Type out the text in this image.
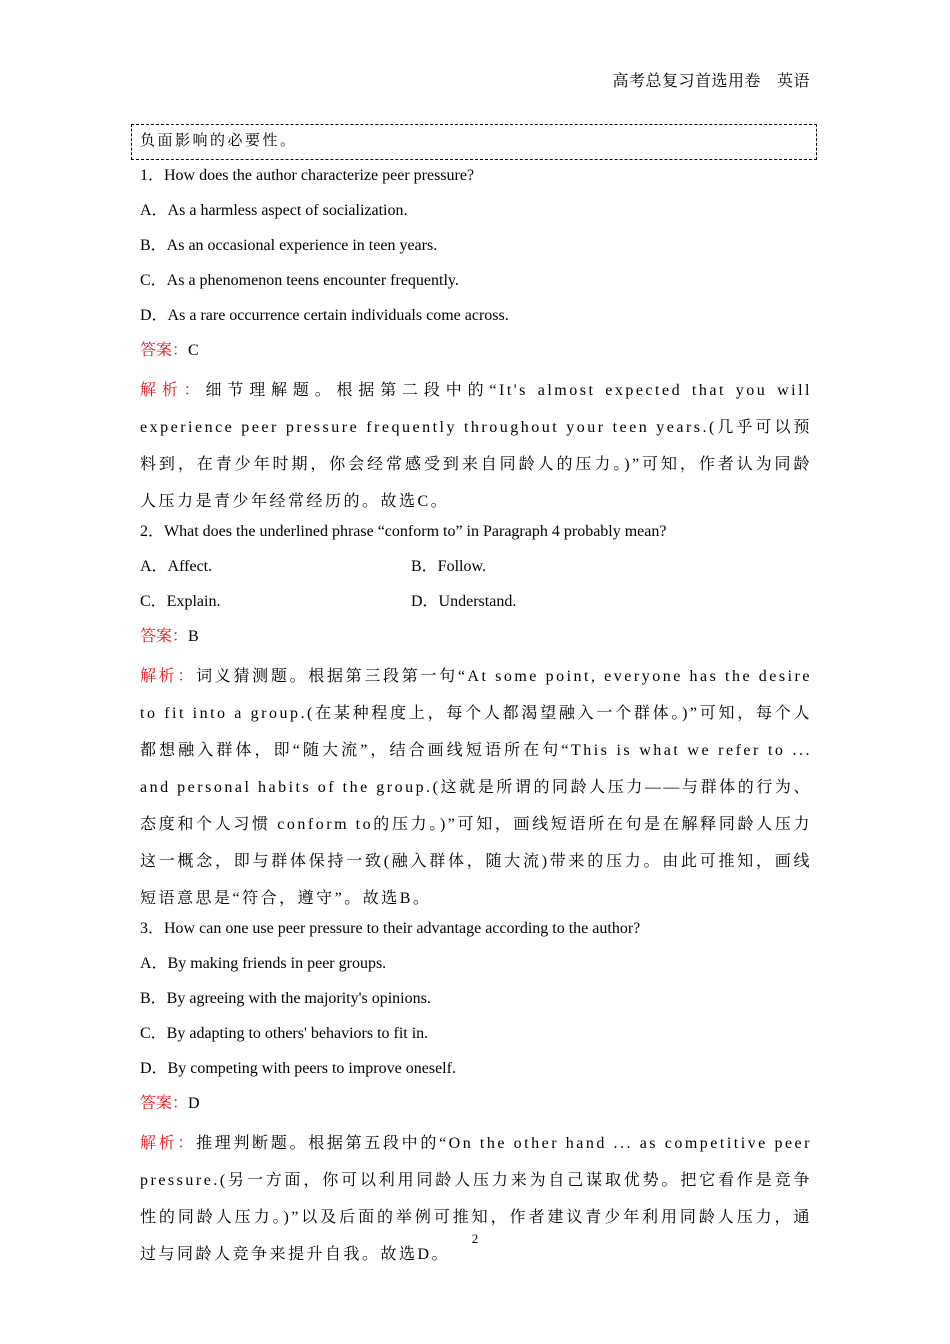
高考总复习首选用卷 英语
负面影响的必要性。
1．How does the author characterize peer pressure?
A．As a harmless aspect of socialization.
B．As an occasional experience in teen years.
C．As a phenomenon teens encounter frequently.
D．As a rare occurrence certain individuals come across.
答案：C
解析：细节理解题。根据第二段中的“It's almost expected that you will experience peer pressure frequently throughout your teen years.(几乎可以预料到，在青少年时期，你会经常感受到来自同龄人的压力。)”可知，作者认为同龄人压力是青少年经常经历的。故选C。
2．What does the underlined phrase “conform to” in Paragraph 4 probably mean?
A．Affect.	B．Follow.
C．Explain.	D．Understand.
答案：B
解析：词义猜测题。根据第三段第一句“At some point, everyone has the desire to fit into a group.(在某种程度上，每个人都渴望融入一个群体。)”可知，每个人都想融入群体，即“随大流”，结合画线短语所在句“This is what we refer to ... and personal habits of the group.(这就是所谓的同龄人压力——与群体的行为、态度和个人习惯 conform to的压力。)”可知，画线短语所在句是在解释同龄人压力这一概念，即与群体保持一致(融入群体，随大流)带来的压力。由此可推知，画线短语意思是“符合，遵守”。故选B。
3．How can one use peer pressure to their advantage according to the author?
A．By making friends in peer groups.
B．By agreeing with the majority's opinions.
C．By adapting to others' behaviors to fit in.
D．By competing with peers to improve oneself.
答案：D
解析：推理判断题。根据第五段中的“On the other hand ... as competitive peer pressure.(另一方面，你可以利用同龄人压力来为自己谋取优势。把它看作是竞争性的同龄人压力。)”以及后面的举例可推知，作者建议青少年利用同龄人压力，通过与同龄人竞争来提升自我。故选D。
2
